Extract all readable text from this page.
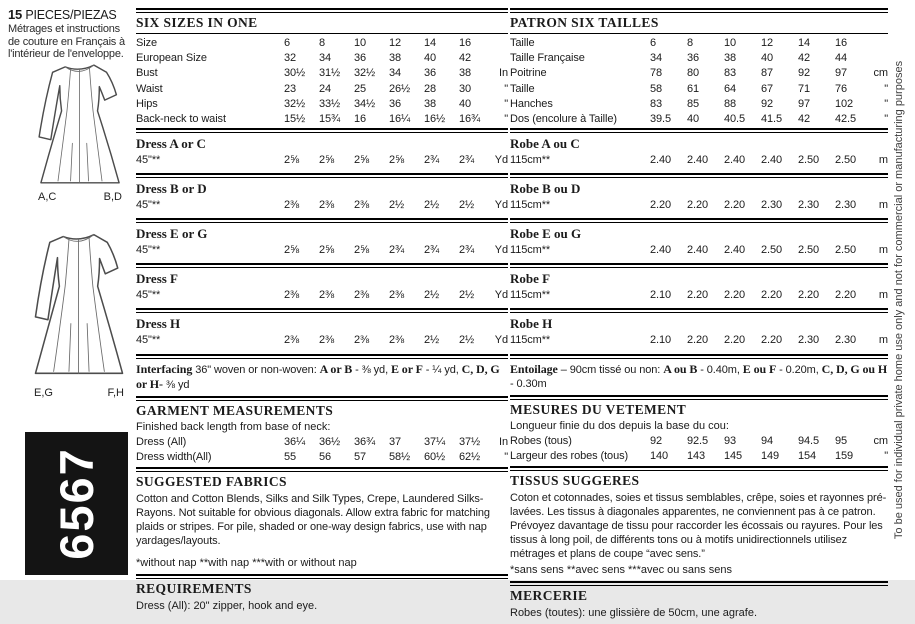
15 PIECES/PIEZAS
Métrages et instructions de couture en Français à l'intérieur de l'enveloppe.
A,C	B,D
E,G	F,H
6567
SIX SIZES IN ONE
Size	6	8	10	12	14	16
European Size	32	34	36	38	40	42
Bust	30½	31½	32½	34	36	38	In
Waist	23	24	25	26½	28	30	"
Hips	32½	33½	34½	36	38	40	"
Back-neck to waist	15½	15¾	16	16¼	16½	16¾	"
Dress A or C
45"**	2⅝	2⅝	2⅝	2⅝	2¾	2¾	Yd
Dress B or D
45"**	2⅜	2⅜	2⅜	2½	2½	2½	Yd
Dress E or G
45"**	2⅝	2⅝	2⅝	2¾	2¾	2¾	Yd
Dress F
45"**	2⅜	2⅜	2⅜	2⅜	2½	2½	Yd
Dress H
45"**	2⅜	2⅜	2⅜	2⅜	2½	2½	Yd
Interfacing 36" woven or non-woven: A or B - ⅜ yd, E or F - ¼ yd, C, D, G or H- ⅜ yd
GARMENT MEASUREMENTS
Finished back length from base of neck:
Dress (All)	36¼	36½	36¾	37	37¼	37½	In
Dress width(All)	55	56	57	58½	60½	62½	"
SUGGESTED FABRICS
Cotton and Cotton Blends, Silks and Silk Types, Crepe, Laundered Silks-Rayons. Not suitable for obvious diagonals. Allow extra fabric for matching plaids or stripes. For pile, shaded or one-way design fabrics, use with nap yardages/layouts.
*without nap **with nap ***with or without nap
REQUIREMENTS
Dress (All): 20" zipper, hook and eye.
PATRON SIX TAILLES
Taille	6	8	10	12	14	16
Taille Française	34	36	38	40	42	44
Poitrine	78	80	83	87	92	97	cm
Taille	58	61	64	67	71	76	"
Hanches	83	85	88	92	97	102	"
Dos (encolure à Taille)	39.5	40	40.5	41.5	42	42.5	"
Robe A ou C
115cm**	2.40	2.40	2.40	2.40	2.50	2.50	m
Robe B ou D
115cm**	2.20	2.20	2.20	2.30	2.30	2.30	m
Robe E ou G
115cm**	2.40	2.40	2.40	2.50	2.50	2.50	m
Robe F
115cm**	2.10	2.20	2.20	2.20	2.20	2.20	m
Robe H
115cm**	2.10	2.20	2.20	2.20	2.30	2.30	m
Entoilage – 90cm tissé ou non: A ou B - 0.40m, E ou F - 0.20m, C, D, G ou H - 0.30m
MESURES DU VETEMENT
Longueur finie du dos depuis la base du cou:
Robes (tous)	92	92.5	93	94	94.5	95	cm
Largeur des robes (tous)	140	143	145	149	154	159	"
TISSUS SUGGERES
Coton et cotonnades, soies et tissus semblables, crêpe, soies et rayonnes pré-lavées. Les tissus à diagonales apparentes, ne conviennent pas à ce patron. Prévoyez davantage de tissu pour raccorder les écossais ou rayures. Pour les tissus à long poil, de différents tons ou à motifs unidirectionnels utilisez métrages et plans de coupe “avec sens.”
*sans sens **avec sens ***avec ou sans sens
MERCERIE
Robes (toutes): une glissière de 50cm, une agrafe.
To be used for individual private home use only and not for commercial or manufacturing purposes
